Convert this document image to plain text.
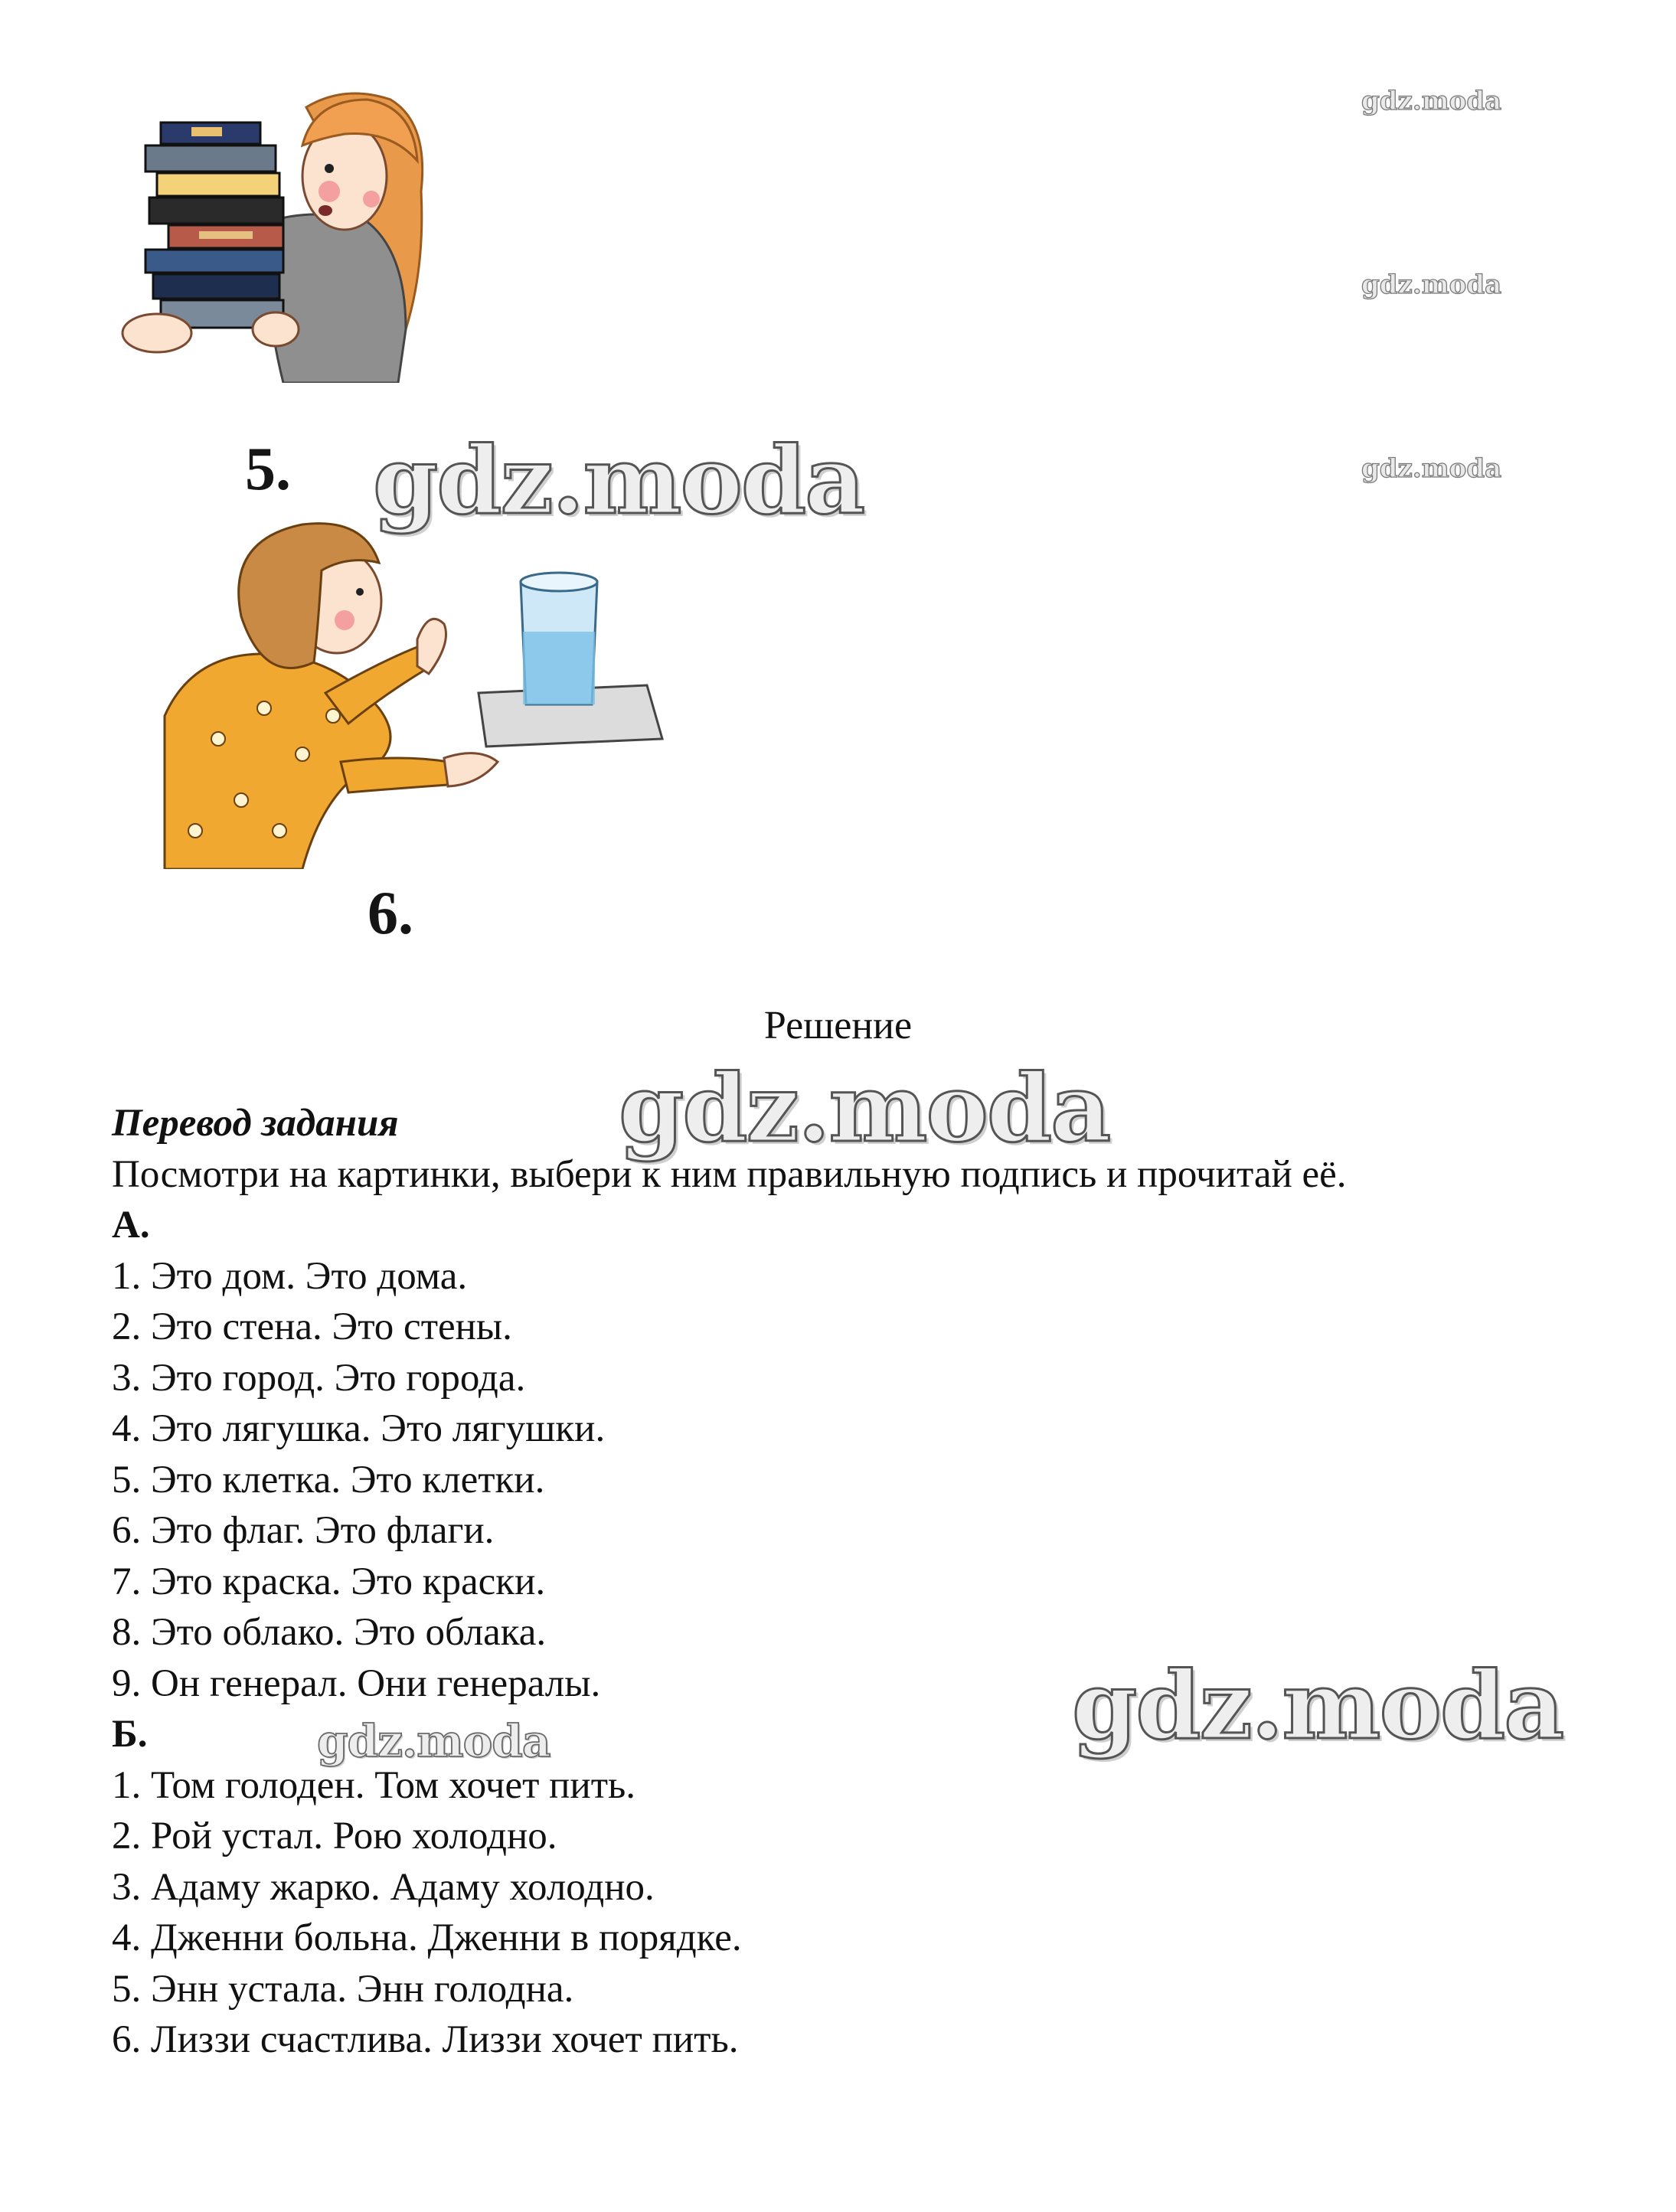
5. gdz.moda
6.
gdz.moda
gdz.moda
gdz.moda
Решение
gdz.moda
Перевод задания
Посмотри на картинки, выбери к ним правильную подпись и прочитай её.
А.
1. Это дом. Это дома.
2. Это стена. Это стены.
3. Это город. Это города.
4. Это лягушка. Это лягушки.
5. Это клетка. Это клетки.
6. Это флаг. Это флаги.
7. Это краска. Это краски.
8. Это облако. Это облака.
9. Он генерал. Они генералы.
Б.
1. Том голоден. Том хочет пить.
2. Рой устал. Рою холодно.
3. Адаму жарко. Адаму холодно.
4. Дженни больна. Дженни в порядке.
5. Энн устала. Энн голодна.
6. Лиззи счастлива. Лиззи хочет пить.
gdz.moda	gdz.moda
